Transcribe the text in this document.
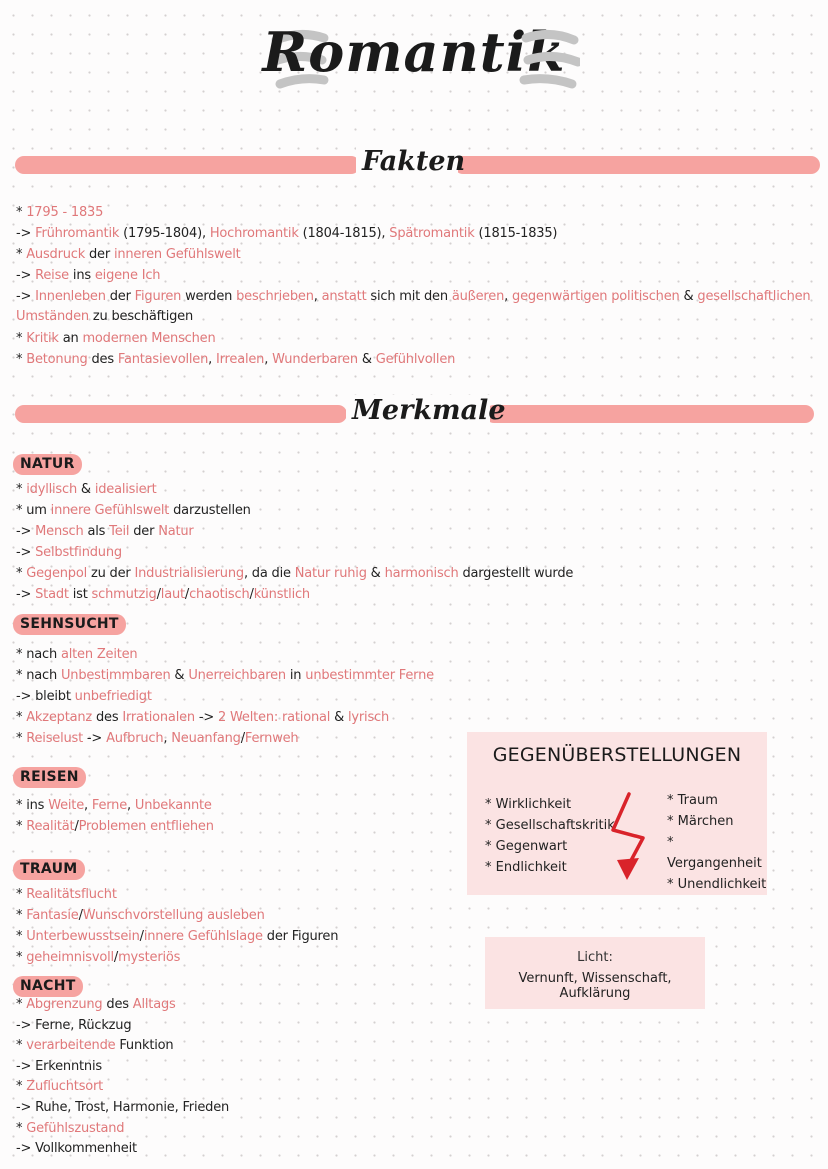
Romantik
Fakten
* 1795 - 1835
-> Frühromantik (1795-1804), Hochromantik (1804-1815), Spätromantik (1815-1835)
* Ausdruck der inneren Gefühlswelt
-> Reise ins eigene Ich
-> Innenleben der Figuren werden beschrieben, anstatt sich mit den äußeren, gegenwärtigen politischen & gesellschaftlichen Umständen zu beschäftigen
* Kritik an modernen Menschen
* Betonung des Fantasievollen, Irrealen, Wunderbaren & Gefühlvollen
Merkmale
NATUR
* idyllisch & idealisiert
* um innere Gefühlswelt darzustellen
-> Mensch als Teil der Natur
-> Selbstfindung
* Gegenpol zu der Industrialisierung, da die Natur ruhig & harmonisch dargestellt wurde
-> Stadt ist schmutzig/laut/chaotisch/künstlich
SEHNSUCHT
* nach alten Zeiten
* nach Unbestimmbaren & Unerreichbaren in unbestimmter Ferne
-> bleibt unbefriedigt
* Akzeptanz des Irrationalen -> 2 Welten: rational & lyrisch
* Reiselust -> Aufbruch, Neuanfang/Fernweh
REISEN
* ins Weite, Ferne, Unbekannte
* Realität/Problemen entfliehen
TRAUM
* Realitätsflucht
* Fantasie/Wunschvorstellung ausleben
* Unterbewusstsein/innere Gefühlslage der Figuren
* geheimnisvoll/mysteriös
NACHT
* Abgrenzung des Alltags
-> Ferne, Rückzug
* verarbeitende Funktion
-> Erkenntnis
* Zufluchtsort
-> Ruhe, Trost, Harmonie, Frieden
* Gefühlszustand
-> Vollkommenheit
GEGENÜBERSTELLUNGEN
* Wirklichkeit
* Gesellschaftskritik
* Gegenwart
* Endlichkeit
* Traum
* Märchen
* Vergangenheit
* Unendlichkeit
Licht:
Vernunft, Wissenschaft, Aufklärung
